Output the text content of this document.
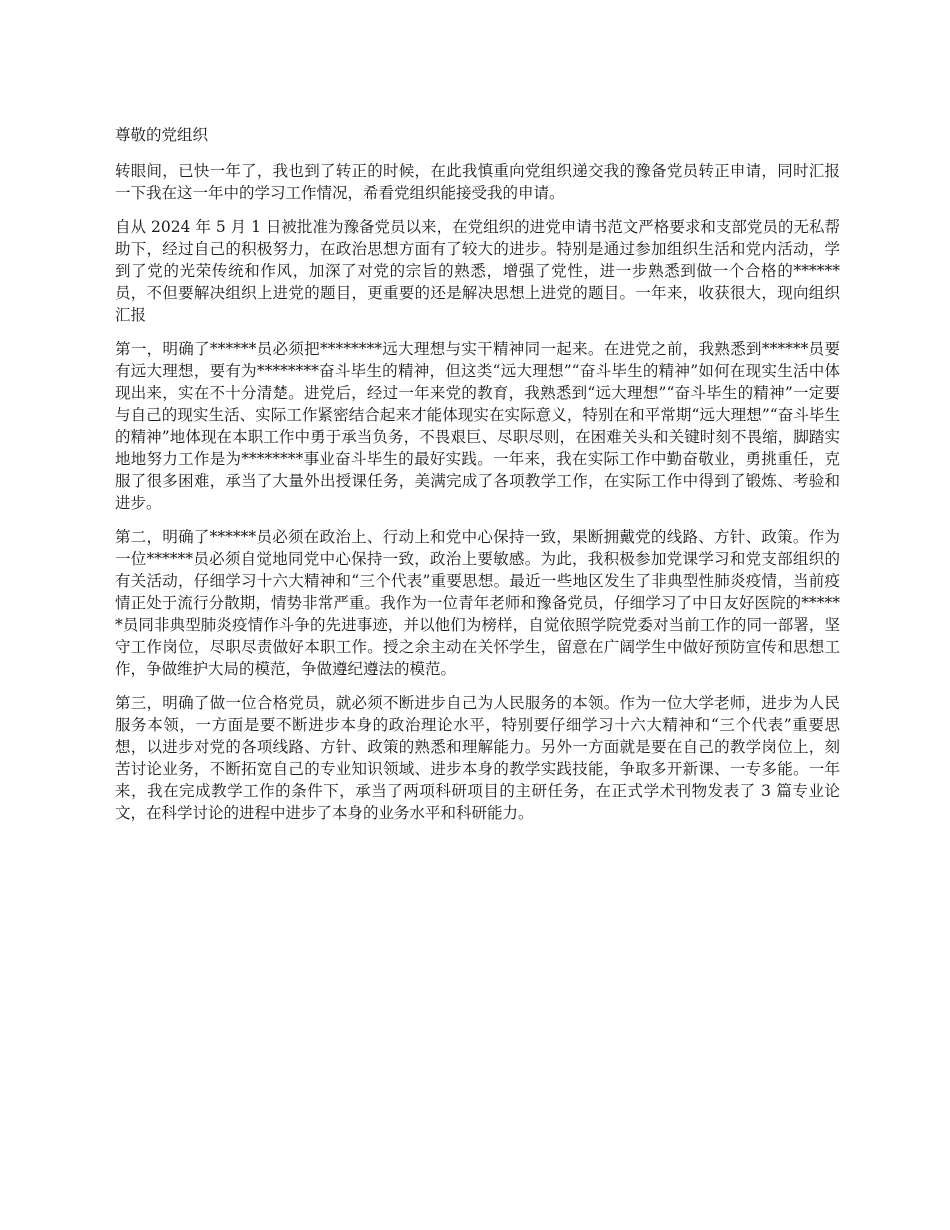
尊敬的党组织

转眼间，已快一年了，我也到了转正的时候，在此我慎重向党组织递交我的豫备党员转正申请，同时汇报一下我在这一年中的学习工作情况，希看党组织能接受我的申请。

自从 2024 年 5 月 1 日被批准为豫备党员以来，在党组织的进党申请书范文严格要求和支部党员的无私帮助下，经过自己的积极努力，在政治思想方面有了较大的进步。特别是通过参加组织生活和党内活动，学到了党的光荣传统和作风，加深了对党的宗旨的熟悉，增强了党性，进一步熟悉到做一个合格的******员，不但要解决组织上进党的题目，更重要的还是解决思想上进党的题目。一年来，收获很大，现向组织汇报

第一，明确了******员必须把********远大理想与实干精神同一起来。在进党之前，我熟悉到******员要有远大理想，要有为********奋斗毕生的精神，但这类“远大理想”“奋斗毕生的精神”如何在现实生活中体现出来，实在不十分清楚。进党后，经过一年来党的教育，我熟悉到“远大理想”“奋斗毕生的精神”一定要与自己的现实生活、实际工作紧密结合起来才能体现实在实际意义，特别在和平常期“远大理想”“奋斗毕生的精神”地体现在本职工作中勇于承当负务，不畏艰巨、尽职尽则，在困难关头和关键时刻不畏缩，脚踏实地地努力工作是为********事业奋斗毕生的最好实践。一年来，我在实际工作中勤奋敬业，勇挑重任，克服了很多困难，承当了大量外出授课任务，美满完成了各项教学工作，在实际工作中得到了锻炼、考验和进步。

第二，明确了******员必须在政治上、行动上和党中心保持一致，果断拥戴党的线路、方针、政策。作为一位******员必须自觉地同党中心保持一致，政治上要敏感。为此，我积极参加党课学习和党支部组织的有关活动，仔细学习十六大精神和“三个代表”重要思想。最近一些地区发生了非典型性肺炎疫情，当前疫情正处于流行分散期，情势非常严重。我作为一位青年老师和豫备党员，仔细学习了中日友好医院的******员同非典型肺炎疫情作斗争的先进事迹，并以他们为榜样，自觉依照学院党委对当前工作的同一部署，坚守工作岗位，尽职尽责做好本职工作。授之余主动在关怀学生，留意在广阔学生中做好预防宣传和思想工作，争做维护大局的模范，争做遵纪遵法的模范。

第三，明确了做一位合格党员，就必须不断进步自己为人民服务的本领。作为一位大学老师，进步为人民服务本领，一方面是要不断进步本身的政治理论水平，特别要仔细学习十六大精神和“三个代表”重要思想，以进步对党的各项线路、方针、政策的熟悉和理解能力。另外一方面就是要在自己的教学岗位上，刻苦讨论业务，不断拓宽自己的专业知识领域、进步本身的教学实践技能，争取多开新课、一专多能。一年来，我在完成教学工作的条件下，承当了两项科研项目的主研任务，在正式学术刊物发表了 3 篇专业论文，在科学讨论的进程中进步了本身的业务水平和科研能力。
